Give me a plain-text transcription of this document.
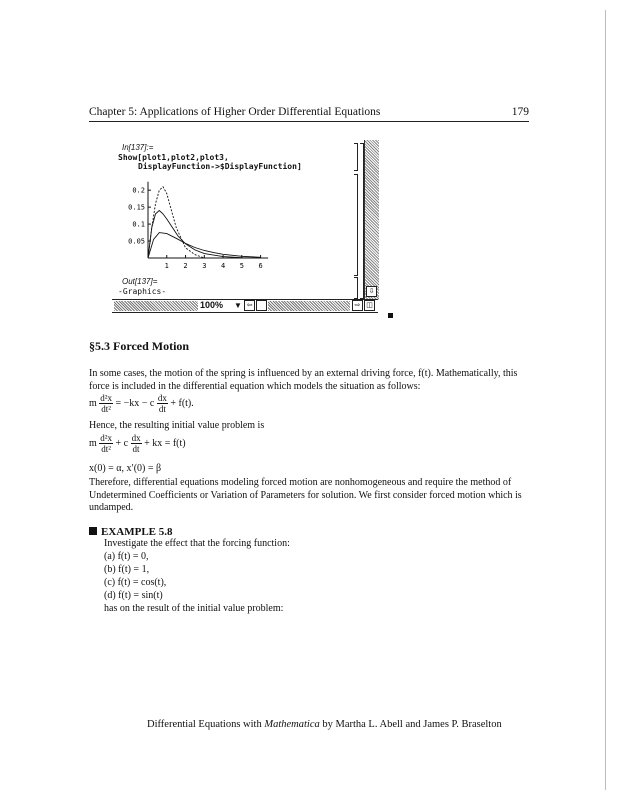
Chapter 5: Applications of Higher Order Differential Equations	179
In[137]:=
Show[plot1,plot2,plot3,
DisplayFunction->$DisplayFunction]
1 2 3 4 5 6
0.05
0.1
0.15
0.2
Out[137]=
-Graphics-	⇩
100% ▼ ⇦	⇨ ◫
§5.3 Forced Motion
In some cases, the motion of the spring is influenced by an external driving force, f(t). Mathematically, this force is included in the differential equation which models the situation as follows:
m $\frac{\text{d²x}}{\text{dt²}} = -kx - c \frac{dx}{dt} + f(t)$.
Hence, the resulting initial value problem is
m $\frac{\text{d²x}}{\text{dt²}} + c \frac{dx}{dt}$ + kx = f(t)
x(0) = α, x′(0) = β
Therefore, differential equations modeling forced motion are nonhomogeneous and require the method of Undetermined Coefficients or Variation of Parameters for solution. We first consider forced motion which is undamped.
EXAMPLE 5.8
Investigate the effect that the forcing function:
(a) f(t) = 0,
(b) f(t) = 1,
(c) f(t) = cos(t),
(d) f(t) = sin(t)
has on the result of the initial value problem:
Differential Equations with Mathematica by Martha L. Abell and James P. Braselton
